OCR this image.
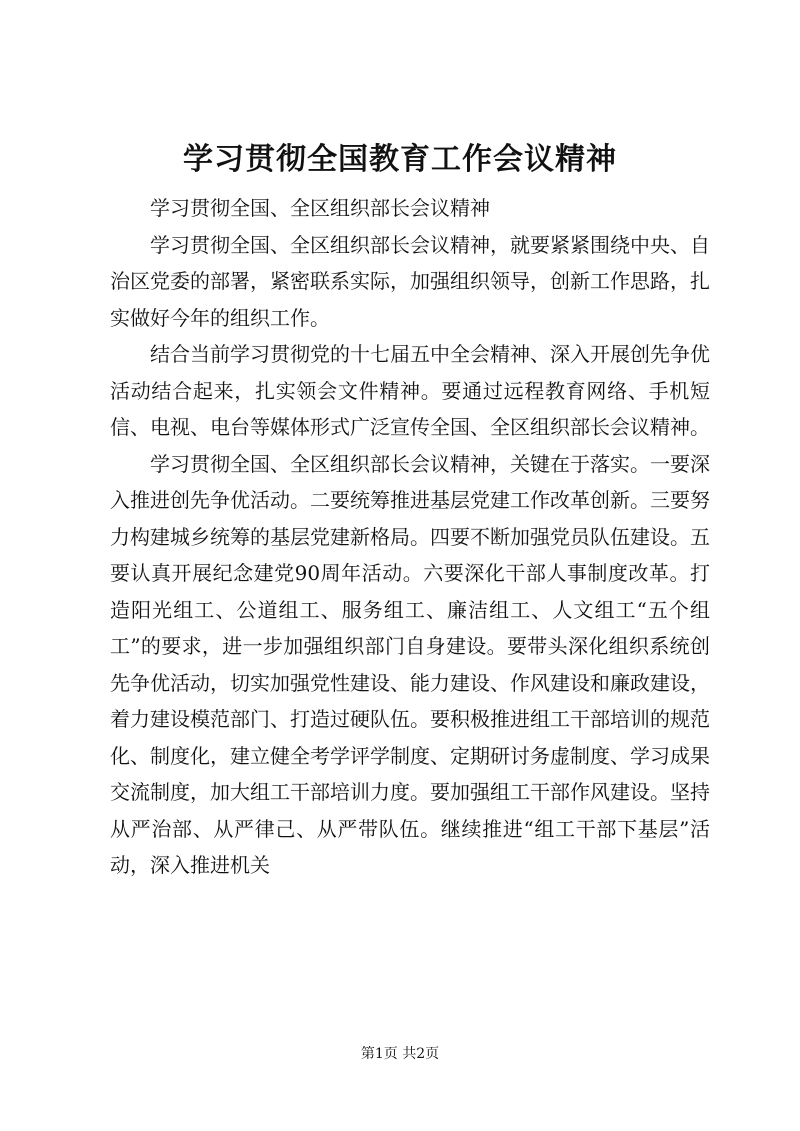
学习贯彻全国教育工作会议精神

学习贯彻全国、全区组织部长会议精神

学习贯彻全国、全区组织部长会议精神，就要紧紧围绕中央、自治区党委的部署，紧密联系实际，加强组织领导，创新工作思路，扎实做好今年的组织工作。

结合当前学习贯彻党的十七届五中全会精神、深入开展创先争优活动结合起来，扎实领会文件精神。要通过远程教育网络、手机短信、电视、电台等媒体形式广泛宣传全国、全区组织部长会议精神。

学习贯彻全国、全区组织部长会议精神，关键在于落实。一要深入推进创先争优活动。二要统筹推进基层党建工作改革创新。三要努力构建城乡统筹的基层党建新格局。四要不断加强党员队伍建设。五要认真开展纪念建党90周年活动。六要深化干部人事制度改革。打造阳光组工、公道组工、服务组工、廉洁组工、人文组工“五个组工”的要求，进一步加强组织部门自身建设。要带头深化组织系统创先争优活动，切实加强党性建设、能力建设、作风建设和廉政建设，着力建设模范部门、打造过硬队伍。要积极推进组工干部培训的规范化、制度化，建立健全考学评学制度、定期研讨务虚制度、学习成果交流制度，加大组工干部培训力度。要加强组工干部作风建设。坚持从严治部、从严律己、从严带队伍。继续推进“组工干部下基层”活动，深入推进机关

第1页 共2页
